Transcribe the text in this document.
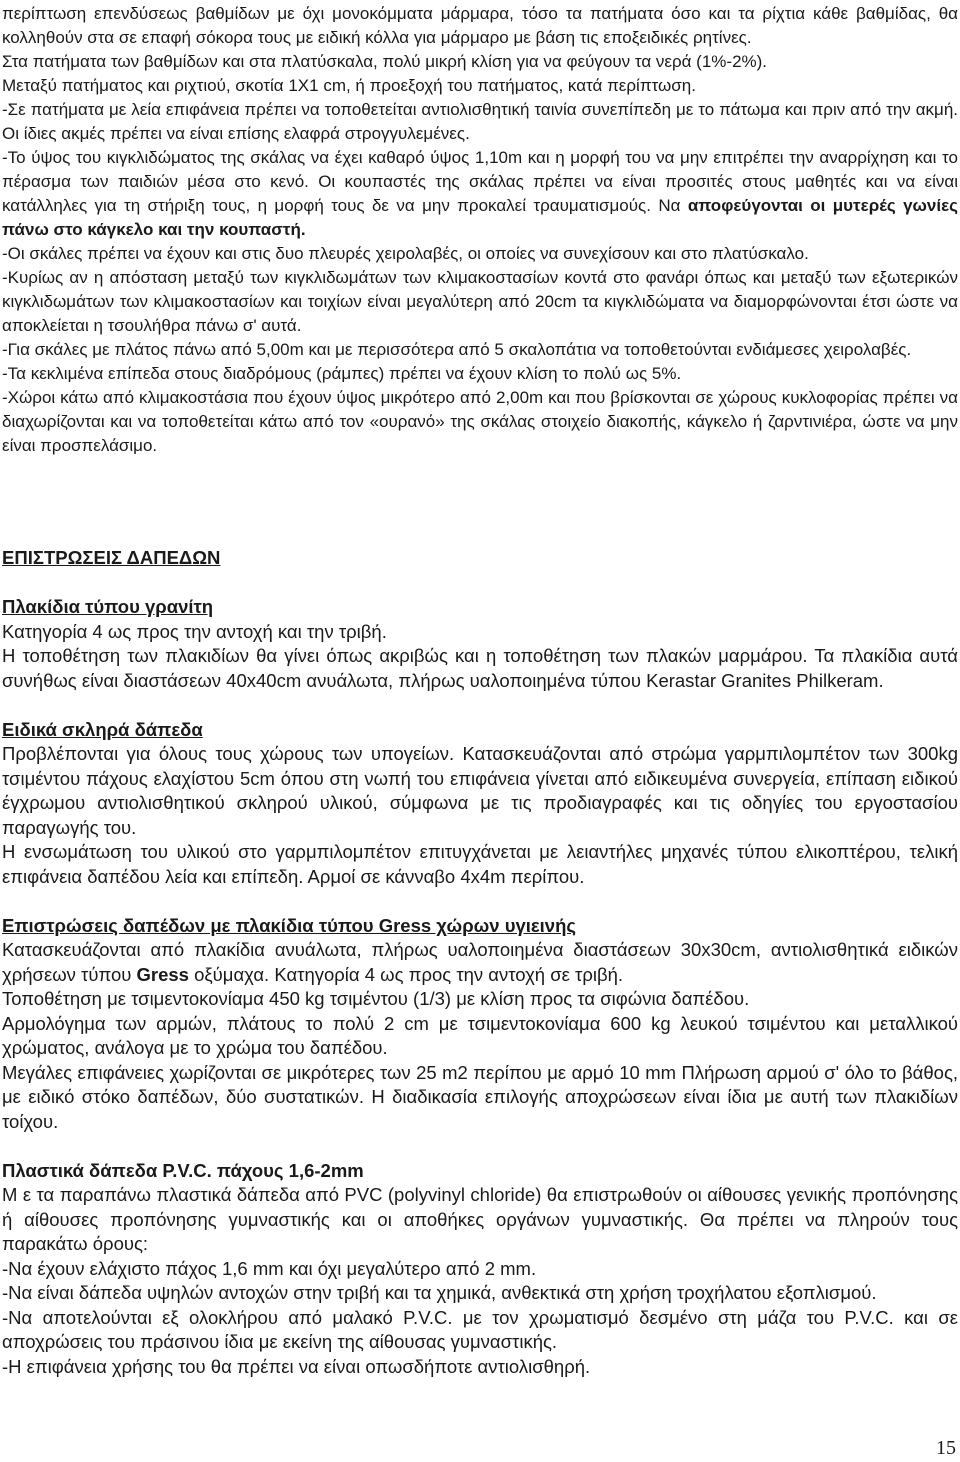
περίπτωση επενδύσεως βαθμίδων με όχι μονοκόμματα μάρμαρα, τόσο τα πατήματα όσο και τα ρίχτια κάθε βαθμίδας, θα κολληθούν στα σε επαφή σόκορα τους με ειδική κόλλα για μάρμαρο με βάση τις εποξειδικές ρητίνες.

Στα πατήματα των βαθμίδων και στα πλατύσκαλα, πολύ μικρή κλίση για να φεύγουν τα νερά (1%-2%).

Μεταξύ πατήματος και ριχτιού, σκοτία 1Χ1 cm, ή προεξοχή του πατήματος, κατά περίπτωση.

-Σε πατήματα με λεία επιφάνεια πρέπει να τοποθετείται αντιολισθητική ταινία συνεπίπεδη με το πάτωμα και πριν από την ακμή. Οι ίδιες ακμές πρέπει να είναι επίσης ελαφρά στρογγυλεμένες.

-Το ύψος του κιγκλιδώματος της σκάλας να έχει καθαρό ύψος 1,10m και η μορφή του να μην επιτρέπει την αναρρίχηση και το πέρασμα των παιδιών μέσα στο κενό. Οι κουπαστές της σκάλας πρέπει να είναι προσιτές στους μαθητές και να είναι κατάλληλες για τη στήριξη τους, η μορφή τους δε να μην προκαλεί τραυματισμούς. Να αποφεύγονται οι μυτερές γωνίες πάνω στο κάγκελο και την κουπαστή.

-Οι σκάλες πρέπει να έχουν και στις δυο πλευρές χειρολαβές, οι οποίες να συνεχίσουν και στο πλατύσκαλο.

-Κυρίως αν η απόσταση μεταξύ των κιγκλιδωμάτων των κλιμακοστασίων κοντά στο φανάρι όπως και μεταξύ των εξωτερικών κιγκλιδωμάτων των κλιμακοστασίων και τοιχίων είναι μεγαλύτερη από 20cm τα κιγκλιδώματα να διαμορφώνονται έτσι ώστε να αποκλείεται η τσουλήθρα πάνω σ' αυτά.

-Για σκάλες με πλάτος πάνω από 5,00m και με περισσότερα από 5 σκαλοπάτια να τοποθετούνται ενδιάμεσες χειρολαβές.

-Τα κεκλιμένα επίπεδα στους διαδρόμους (ράμπες) πρέπει να έχουν κλίση το πολύ ως 5%.

-Χώροι κάτω από κλιμακοστάσια που έχουν ύψος μικρότερο από 2,00m και που βρίσκονται σε χώρους κυκλοφορίας πρέπει να διαχωρίζονται και να τοποθετείται κάτω από τον «ουρανό» της σκάλας στοιχείο διακοπής, κάγκελο ή ζαρντινιέρα, ώστε να μην είναι προσπελάσιμο.

ΕΠΙΣΤΡΩΣΕΙΣ ΔΑΠΕΔΩΝ

Πλακίδια τύπου γρανίτη

Κατηγορία 4 ως προς την αντοχή και την τριβή.

Η τοποθέτηση των πλακιδίων θα γίνει όπως ακριβώς και η τοποθέτηση των πλακών μαρμάρου. Τα πλακίδια αυτά συνήθως είναι διαστάσεων 40x40cm ανυάλωτα, πλήρως υαλοποιημένα τύπου Kerastar Granites Philkeram.

Ειδικά σκληρά δάπεδα

Προβλέπονται για όλους τους χώρους των υπογείων. Κατασκευάζονται από στρώμα γαρμπιλομπέτον των 300kg τσιμέντου πάχους ελαχίστου 5cm όπου στη νωπή του επιφάνεια γίνεται από ειδικευμένα συνεργεία, επίπαση ειδικού έγχρωμου αντιολισθητικού σκληρού υλικού, σύμφωνα με τις προδιαγραφές και τις οδηγίες του εργοστασίου παραγωγής του.

Η ενσωμάτωση του υλικού στο γαρμπιλομπέτον επιτυγχάνεται με λειαντήλες μηχανές τύπου ελικοπτέρου, τελική επιφάνεια δαπέδου λεία και επίπεδη. Αρμοί σε κάνναβο 4x4m περίπου.

Επιστρώσεις δαπέδων με πλακίδια τύπου Gress χώρων υγιεινής

Κατασκευάζονται από πλακίδια ανυάλωτα, πλήρως υαλοποιημένα διαστάσεων 30x30cm, αντιολισθητικά ειδικών χρήσεων τύπου Gress οξύμαχα. Κατηγορία 4 ως προς την αντοχή σε τριβή.

Τοποθέτηση με τσιμεντοκονίαμα 450 kg τσιμέντου (1/3) με κλίση προς τα σιφώνια δαπέδου.

Αρμολόγημα των αρμών, πλάτους το πολύ 2 cm με τσιμεντοκονίαμα 600 kg λευκού τσιμέντου και μεταλλικού χρώματος, ανάλογα με το χρώμα του δαπέδου.

Μεγάλες επιφάνειες χωρίζονται σε μικρότερες των 25 m2 περίπου με αρμό 10 mm Πλήρωση αρμού σ' όλο το βάθος, με ειδικό στόκο δαπέδων, δύο συστατικών. Η διαδικασία επιλογής αποχρώσεων είναι ίδια με αυτή των πλακιδίων τοίχου.

Πλαστικά δάπεδα P.V.C. πάχους 1,6-2mm

Μ ε τα παραπάνω πλαστικά δάπεδα από PVC (polyvinyl chloride) θα επιστρωθούν οι αίθουσες γενικής προπόνησης ή αίθουσες προπόνησης γυμναστικής και οι αποθήκες οργάνων γυμναστικής. Θα πρέπει να πληρούν τους παρακάτω όρους:

-Να έχουν ελάχιστο πάχος 1,6 mm και όχι μεγαλύτερο από 2 mm.

-Να είναι δάπεδα υψηλών αντοχών στην τριβή και τα χημικά, ανθεκτικά στη χρήση τροχήλατου εξοπλισμού.

-Να αποτελούνται εξ ολοκλήρου από μαλακό P.V.C. με τον χρωματισμό δεσμένο στη μάζα του P.V.C. και σε αποχρώσεις του πράσινου ίδια με εκείνη της αίθουσας γυμναστικής.

-Η επιφάνεια χρήσης του θα πρέπει να είναι οπωσδήποτε αντιολισθηρή.

15
